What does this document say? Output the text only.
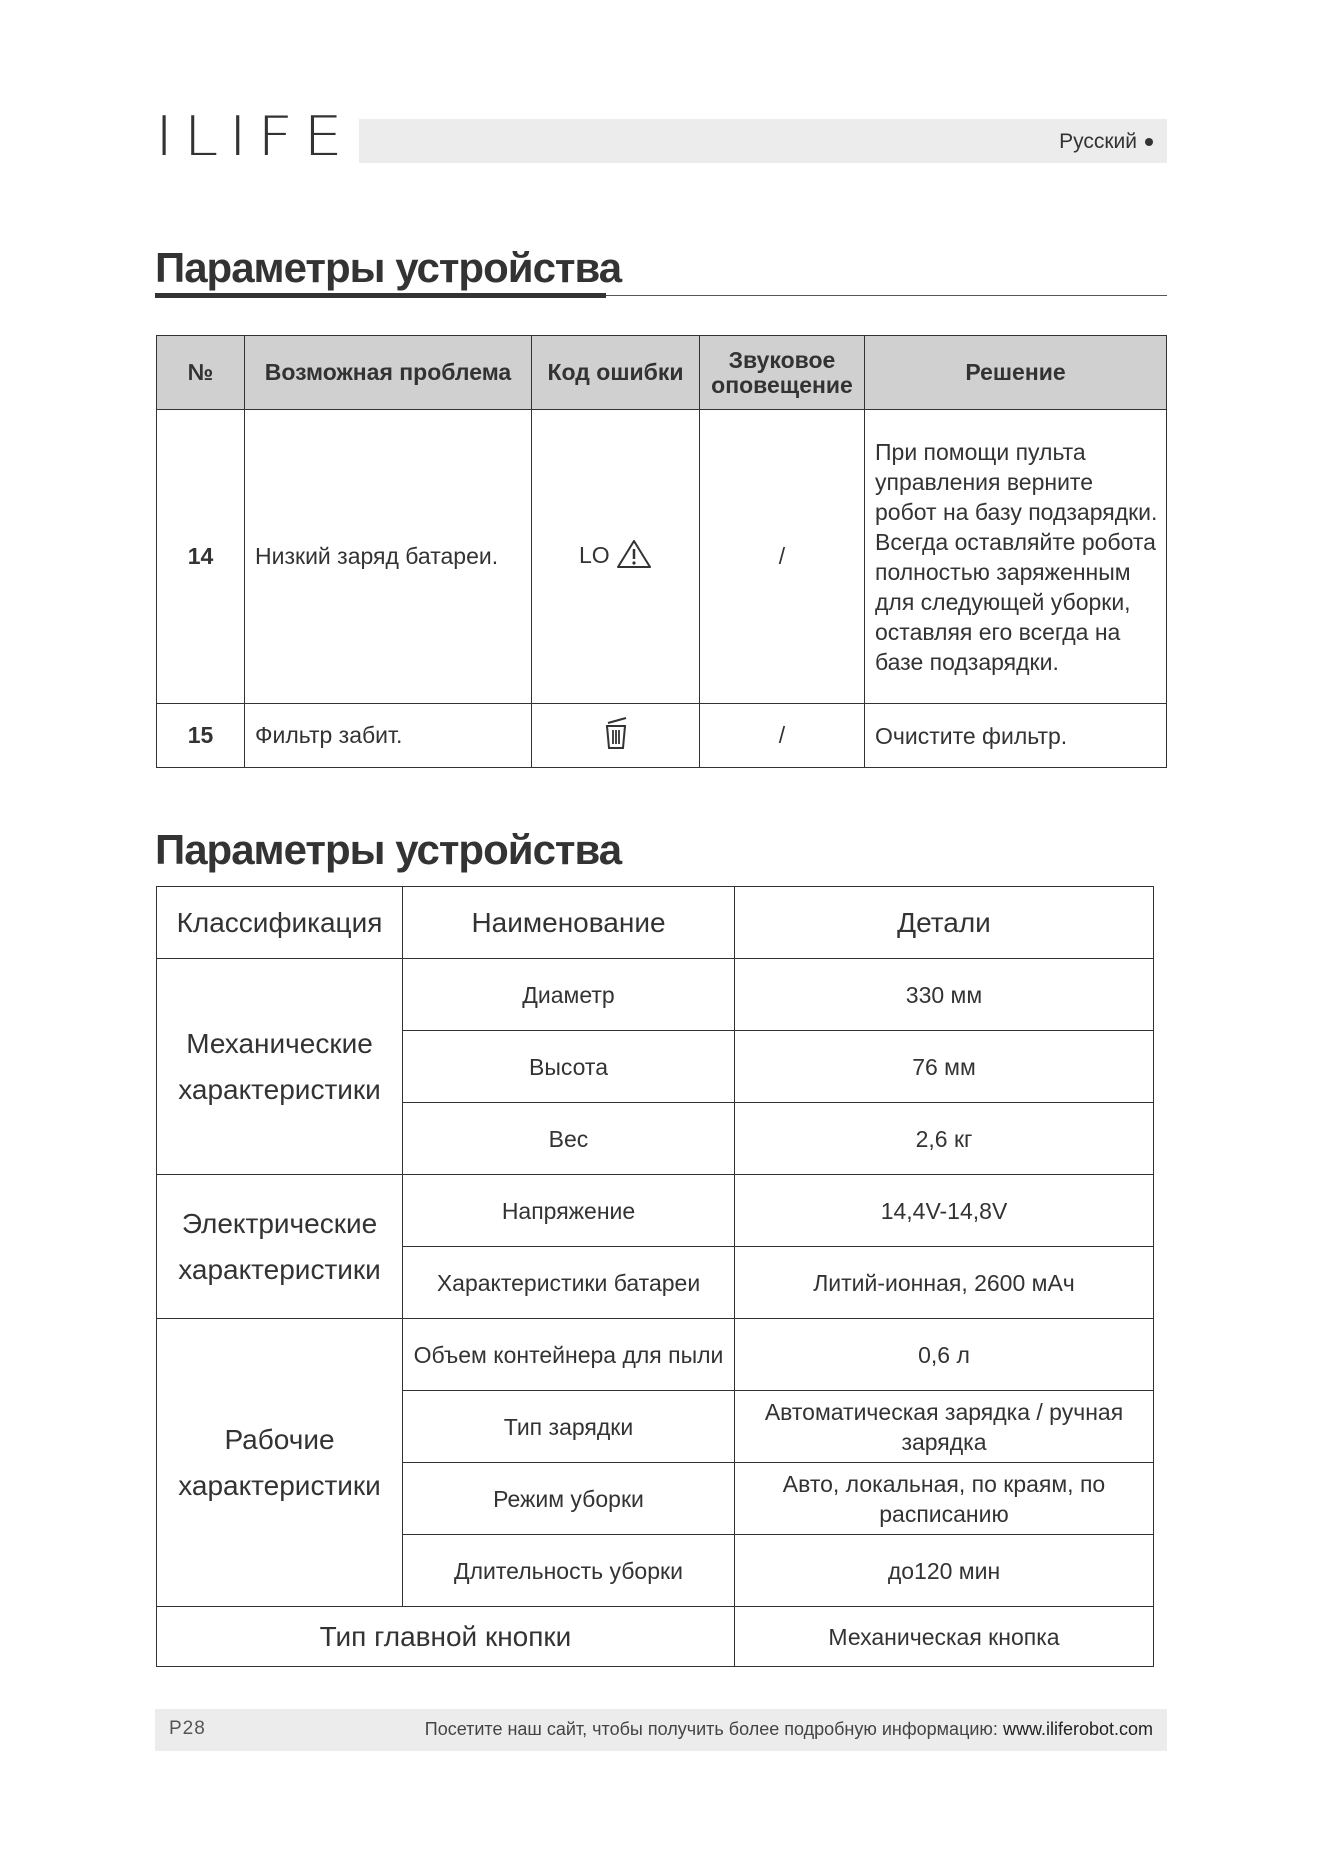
ILIFE	Русский
Параметры устройства
№	Возможная проблема	Код ошибки	Звуковое оповещение	Решение
14	Низкий заряд батареи.	LO	/	При помощи пульта управления верните робот на базу подзарядки. Всегда оставляйте робота полностью заряженным для следующей уборки, оставляя его всегда на базе подзарядки.
15	Фильтр забит.		/	Очистите фильтр.
Параметры устройства
Классификация	Наименование	Детали
Механические характеристики	Диаметр	330 мм
	Высота	76 мм
	Вес	2,6 кг
Электрические характеристики	Напряжение	14,4V-14,8V
	Характеристики батареи	Литий-ионная, 2600 мАч
Рабочие характеристики	Объем контейнера для пыли	0,6 л
	Тип зарядки	Автоматическая зарядка / ручная зарядка
	Режим уборки	Авто, локальная, по краям, по расписанию
	Длительность уборки	до120 мин
Тип главной кнопки		Механическая кнопка
P28	Посетите наш сайт, чтобы получить более подробную информацию: www.iliferobot.com
